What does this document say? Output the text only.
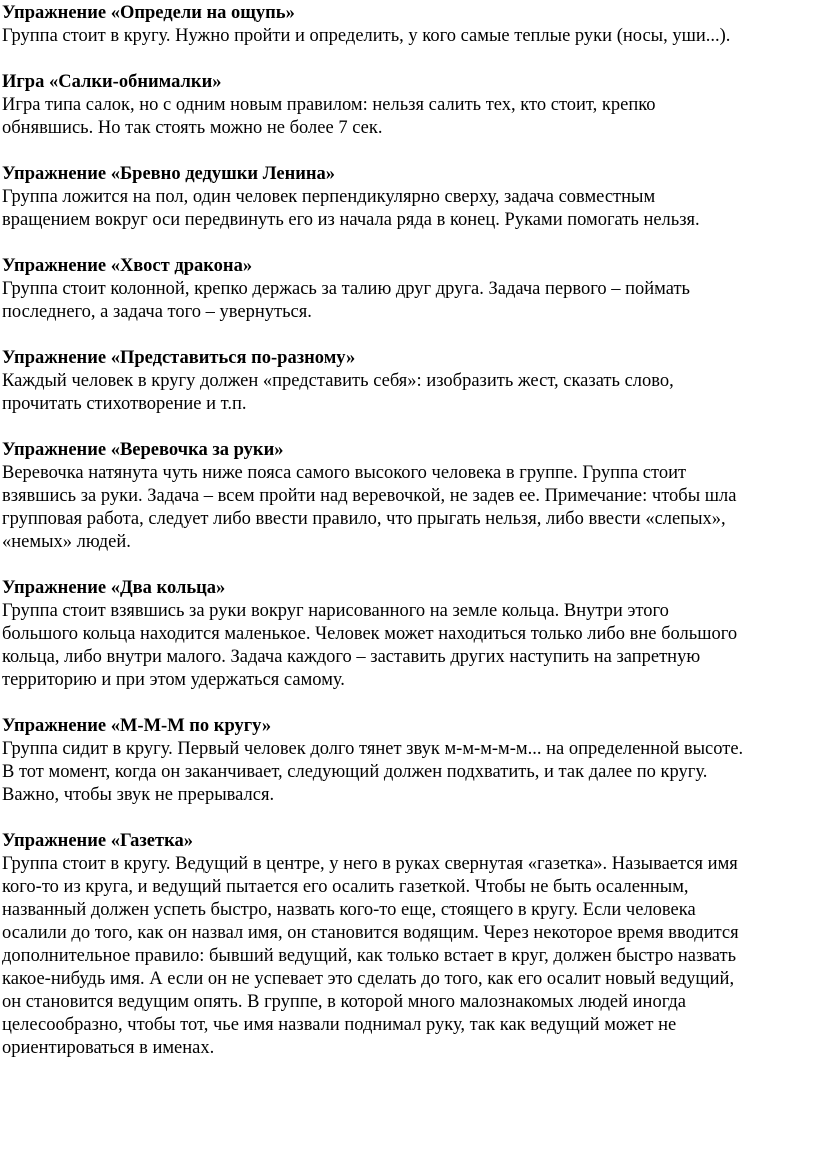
Упражнение «Определи на ощупь»
Группа стоит в кругу. Нужно пройти и определить, у кого самые теплые руки (носы, уши...).
Игра «Салки-обнималки»
Игра типа салок, но с одним новым правилом: нельзя салить тех, кто стоит, крепко
обнявшись. Но так стоять можно не более 7 сек.
Упражнение «Бревно дедушки Ленина»
Группа ложится на пол, один человек перпендикулярно сверху, задача совместным
вращением вокруг оси передвинуть его из начала ряда в конец. Руками помогать нельзя.
Упражнение «Хвост дракона»
Группа стоит колонной, крепко держась за талию друг друга. Задача первого – поймать
последнего, а задача того – увернуться.
Упражнение «Представиться по-разному»
Каждый человек в кругу должен «представить себя»: изобразить жест, сказать слово,
прочитать стихотворение и т.п.
Упражнение «Веревочка за руки»
Веревочка натянута чуть ниже пояса самого высокого человека в группе. Группа стоит
взявшись за руки. Задача – всем пройти над веревочкой, не задев ее. Примечание: чтобы шла
групповая работа, следует либо ввести правило, что прыгать нельзя, либо ввести «слепых»,
«немых» людей.
Упражнение «Два кольца»
Группа стоит взявшись за руки вокруг нарисованного на земле кольца. Внутри этого
большого кольца находится маленькое. Человек может находиться только либо вне большого
кольца, либо внутри малого. Задача каждого – заставить других наступить на запретную
территорию и при этом удержаться самому.
Упражнение «М-М-М по кругу»
Группа сидит в кругу. Первый человек долго тянет звук м-м-м-м-м... на определенной высоте.
В тот момент, когда он заканчивает, следующий должен подхватить, и так далее по кругу.
Важно, чтобы звук не прерывался.
Упражнение «Газетка»
Группа стоит в кругу. Ведущий в центре, у него в руках свернутая «газетка». Называется имя
кого-то из круга, и ведущий пытается его осалить газеткой. Чтобы не быть осаленным,
названный должен успеть быстро, назвать кого-то еще, стоящего в кругу. Если человека
осалили до того, как он назвал имя, он становится водящим. Через некоторое время вводится
дополнительное правило: бывший ведущий, как только встает в круг, должен быстро назвать
какое-нибудь имя. А если он не успевает это сделать до того, как его осалит новый ведущий,
он становится ведущим опять. В группе, в которой много малознакомых людей иногда
целесообразно, чтобы тот, чье имя назвали поднимал руку, так как ведущий может не
ориентироваться в именах.
